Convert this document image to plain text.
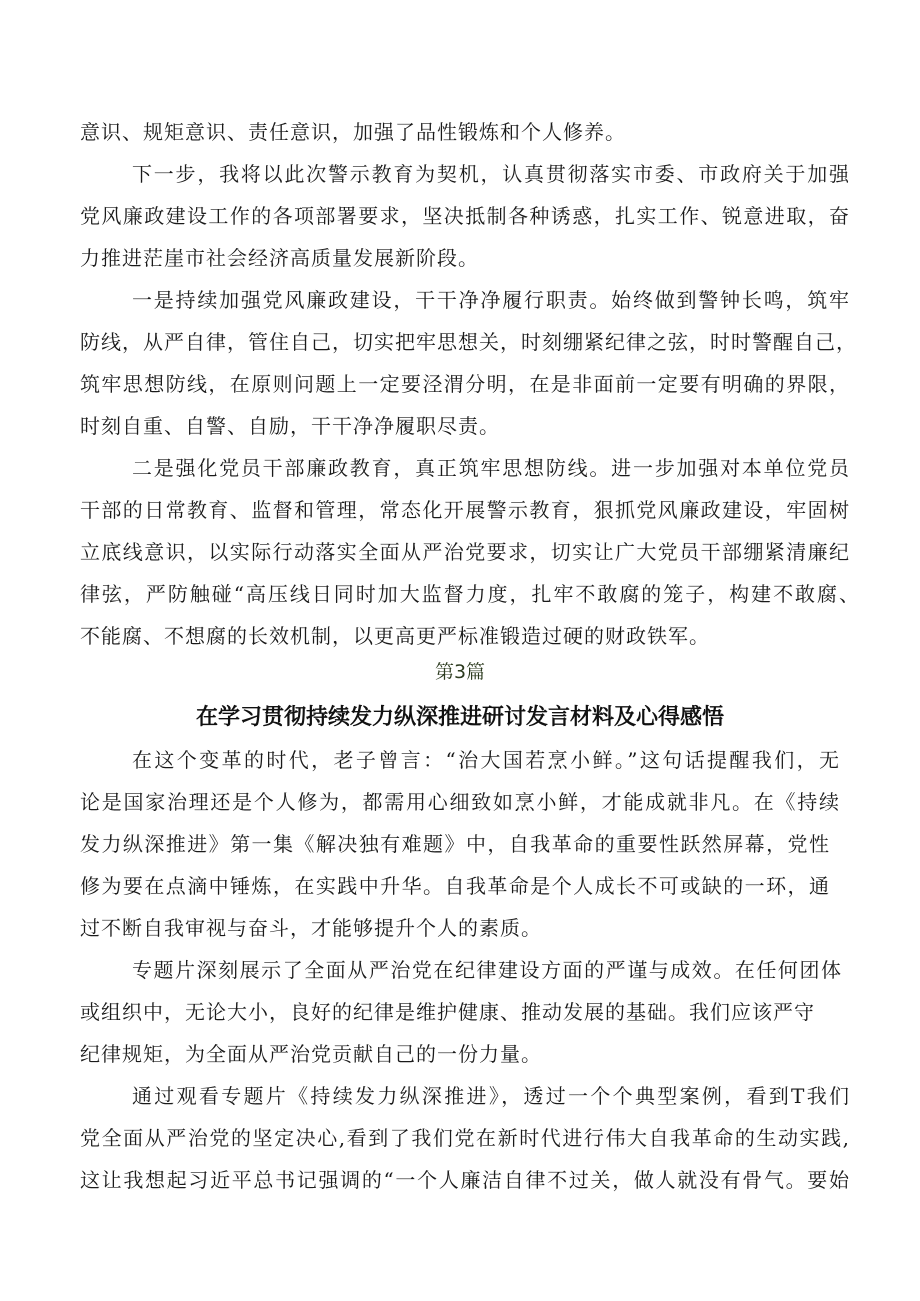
意识、规矩意识、责任意识，加强了品性锻炼和个人修养。
下一步，我将以此次警示教育为契机，认真贯彻落实市委、市政府关于加强
党风廉政建设工作的各项部署要求，坚决抵制各种诱惑，扎实工作、锐意进取，奋
力推进茫崖市社会经济高质量发展新阶段。
一是持续加强党风廉政建设，干干净净履行职责。始终做到警钟长鸣，筑牢
防线，从严自律，管住自己，切实把牢思想关，时刻绷紧纪律之弦，时时警醒自己，
筑牢思想防线，在原则问题上一定要泾渭分明，在是非面前一定要有明确的界限，
时刻自重、自警、自励，干干净净履职尽责。
二是强化党员干部廉政教育，真正筑牢思想防线。进一步加强对本单位党员
干部的日常教育、监督和管理，常态化开展警示教育，狠抓党风廉政建设，牢固树
立底线意识，以实际行动落实全面从严治党要求，切实让广大党员干部绷紧清廉纪
律弦，严防触碰“高压线日同时加大监督力度，扎牢不敢腐的笼子，构建不敢腐、
不能腐、不想腐的长效机制，以更高更严标准锻造过硬的财政铁军。
第3篇
在学习贯彻持续发力纵深推进研讨发言材料及心得感悟
在这个变革的时代，老子曾言：“治大国若烹小鲜。”这句话提醒我们，无
论是国家治理还是个人修为，都需用心细致如烹小鲜，才能成就非凡。在《持续
发力纵深推进》第一集《解决独有难题》中，自我革命的重要性跃然屏幕，党性
修为要在点滴中锤炼，在实践中升华。自我革命是个人成长不可或缺的一环，通
过不断自我审视与奋斗，才能够提升个人的素质。
专题片深刻展示了全面从严治党在纪律建设方面的严谨与成效。在任何团体
或组织中，无论大小，良好的纪律是维护健康、推动发展的基础。我们应该严守
纪律规矩，为全面从严治党贡献自己的一份力量。
通过观看专题片《持续发力纵深推进》，透过一个个典型案例，看到T我们
党全面从严治党的坚定决心,看到了我们党在新时代进行伟大自我革命的生动实践,
这让我想起习近平总书记强调的“一个人廉洁自律不过关，做人就没有骨气。要始
